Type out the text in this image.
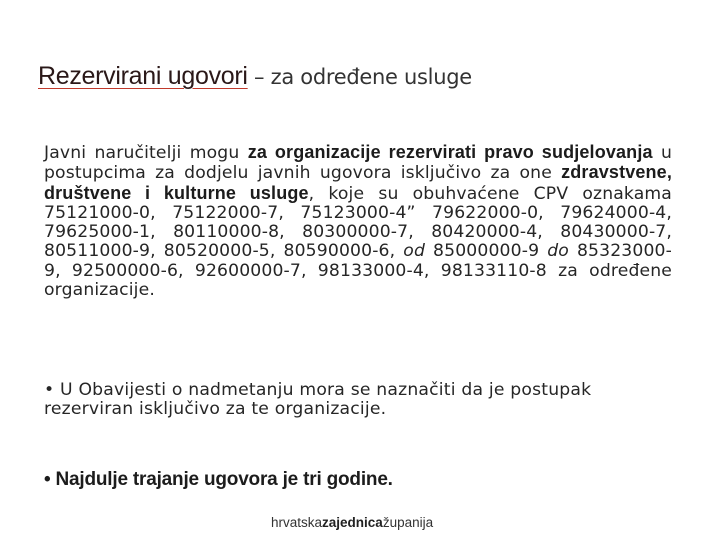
Rezervirani ugovori – za određene usluge
Javni naručitelji mogu za organizacije rezervirati pravo sudjelovanja u postupcima za dodjelu javnih ugovora isključivo za one zdravstvene, društvene i kulturne usluge, koje su obuhvaćene CPV oznakama 75121000-0, 75122000-7, 75123000-4” 79622000-0, 79624000-4, 79625000-1, 80110000-8, 80300000-7, 80420000-4, 80430000-7, 80511000-9, 80520000-5, 80590000-6, od 85000000-9 do 85323000-9, 92500000-6, 92600000-7, 98133000-4, 98133110-8 za određene organizacije.
• U Obavijesti o nadmetanju mora se naznačiti da je postupak rezerviran isključivo za te organizacije.
• Najdulje trajanje ugovora je tri godine.
hrvatskazajednicažupanija
